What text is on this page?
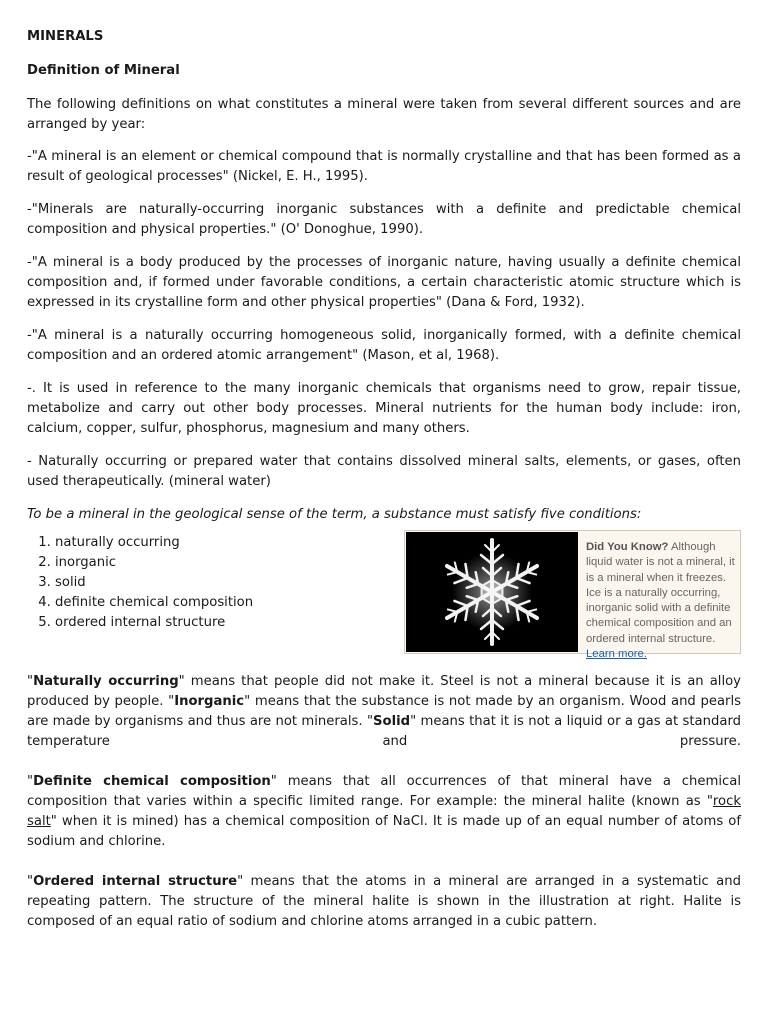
MINERALS

Definition of Mineral

The following definitions on what constitutes a mineral were taken from several different sources and are arranged by year:

-"A mineral is an element or chemical compound that is normally crystalline and that has been formed as a result of geological processes" (Nickel, E. H., 1995).

-"Minerals are naturally-occurring inorganic substances with a definite and predictable chemical composition and physical properties." (O' Donoghue, 1990).

-"A mineral is a body produced by the processes of inorganic nature, having usually a definite chemical composition and, if formed under favorable conditions, a certain characteristic atomic structure which is expressed in its crystalline form and other physical properties" (Dana & Ford, 1932).

-"A mineral is a naturally occurring homogeneous solid, inorganically formed, with a definite chemical composition and an ordered atomic arrangement" (Mason, et al, 1968).

-. It is used in reference to the many inorganic chemicals that organisms need to grow, repair tissue, metabolize and carry out other body processes. Mineral nutrients for the human body include: iron, calcium, copper, sulfur, phosphorus, magnesium and many others.

- Naturally occurring or prepared water that contains dissolved mineral salts, elements, or gases, often used therapeutically. (mineral water)

To be a mineral in the geological sense of the term, a substance must satisfy five conditions:

1. naturally occurring
2. inorganic
3. solid
4. definite chemical composition
5. ordered internal structure
Did You Know? Although liquid water is not a mineral, it is a mineral when it freezes. Ice is a naturally occurring, inorganic solid with a definite chemical composition and an ordered internal structure. Learn more.

"Naturally occurring" means that people did not make it. Steel is not a mineral because it is an alloy produced by people. "Inorganic" means that the substance is not made by an organism. Wood and pearls are made by organisms and thus are not minerals. "Solid" means that it is not a liquid or a gas at standard temperature and pressure.

"Definite chemical composition" means that all occurrences of that mineral have a chemical composition that varies within a specific limited range. For example: the mineral halite (known as "rock salt" when it is mined) has a chemical composition of NaCl. It is made up of an equal number of atoms of sodium and chlorine.

"Ordered internal structure" means that the atoms in a mineral are arranged in a systematic and repeating pattern. The structure of the mineral halite is shown in the illustration at right. Halite is composed of an equal ratio of sodium and chlorine atoms arranged in a cubic pattern.
